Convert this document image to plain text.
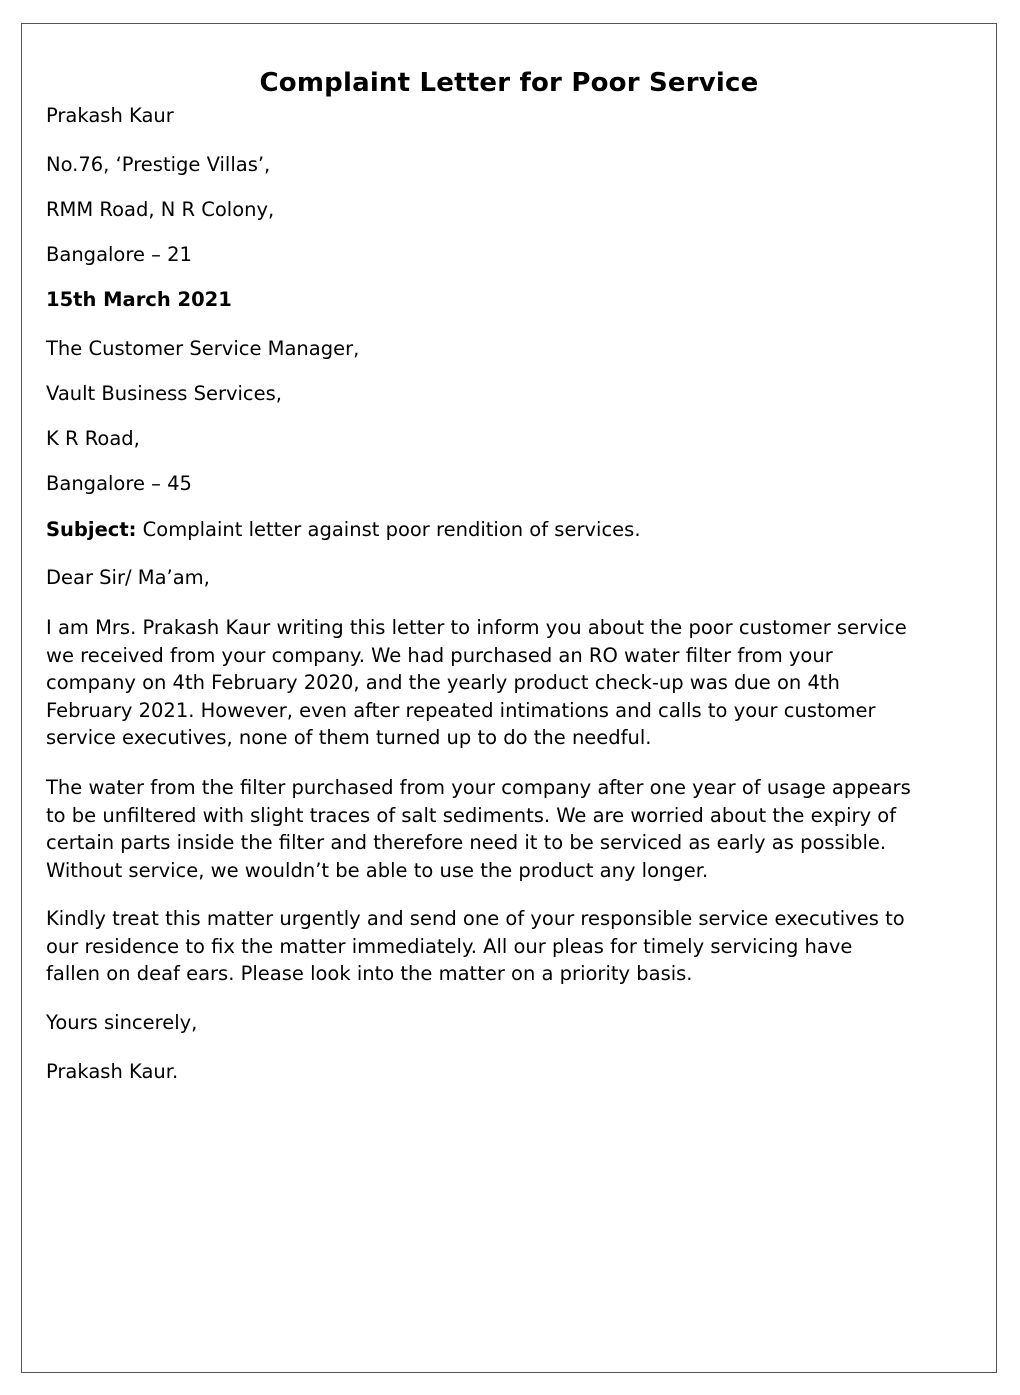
Complaint Letter for Poor Service
Prakash Kaur
No.76, ‘Prestige Villas’,
RMM Road, N R Colony,
Bangalore – 21
15th March 2021
The Customer Service Manager,
Vault Business Services,
K R Road,
Bangalore – 45
Subject: Complaint letter against poor rendition of services.
Dear Sir/ Ma’am,
I am Mrs. Prakash Kaur writing this letter to inform you about the poor customer service
we received from your company. We had purchased an RO water filter from your
company on 4th February 2020, and the yearly product check-up was due on 4th
February 2021. However, even after repeated intimations and calls to your customer
service executives, none of them turned up to do the needful.
The water from the filter purchased from your company after one year of usage appears
to be unfiltered with slight traces of salt sediments. We are worried about the expiry of
certain parts inside the filter and therefore need it to be serviced as early as possible.
Without service, we wouldn’t be able to use the product any longer.
Kindly treat this matter urgently and send one of your responsible service executives to
our residence to fix the matter immediately. All our pleas for timely servicing have
fallen on deaf ears. Please look into the matter on a priority basis.
Yours sincerely,
Prakash Kaur.
